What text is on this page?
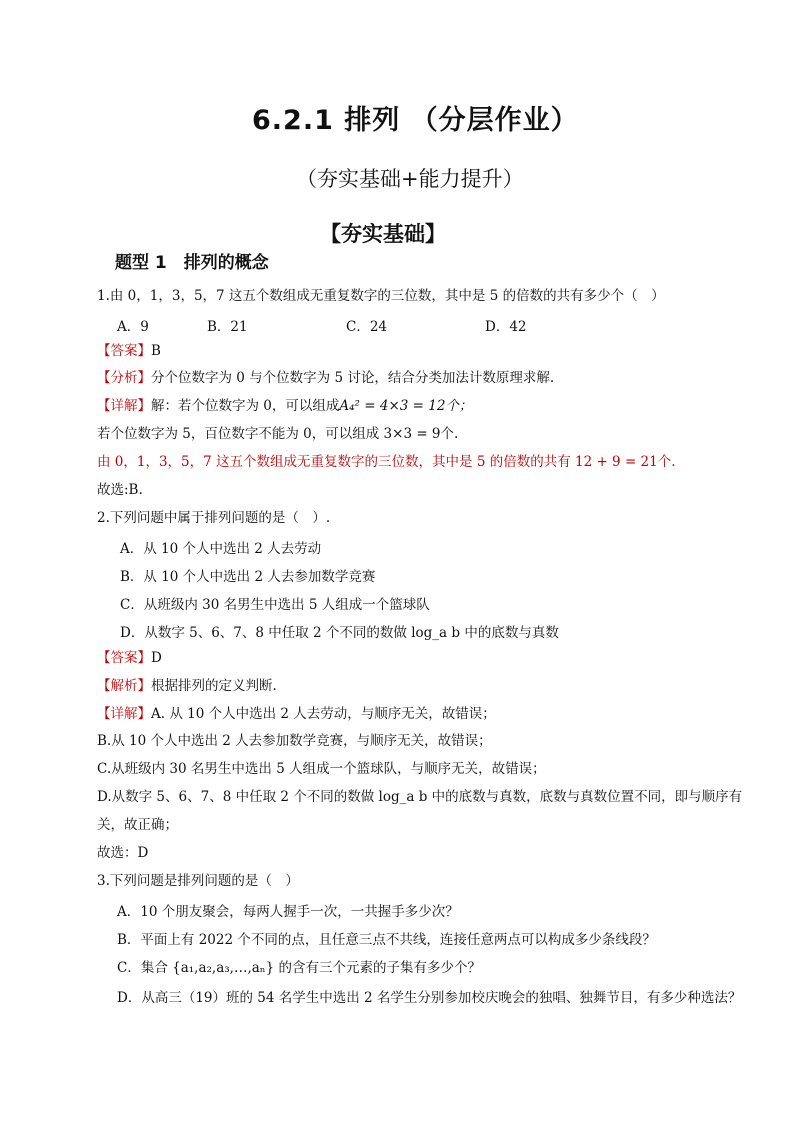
6.2.1 排列 （分层作业）
（夯实基础+能力提升）
【夯实基础】
题型 1　排列的概念
1.由 0，1，3，5，7 这五个数组成无重复数字的三位数，其中是 5 的倍数的共有多少个（　）
A．9	B．21	C．24	D．42
【答案】B
【分析】分个位数字为 0 与个位数字为 5 讨论，结合分类加法计数原理求解.
【详解】解：若个位数字为 0，可以组成A₄² = 4×3 = 12个；
若个位数字为 5，百位数字不能为 0，可以组成 3×3 = 9个.
由 0，1，3，5，7 这五个数组成无重复数字的三位数，其中是 5 的倍数的共有 12 + 9 = 21个.
故选:B.
2.下列问题中属于排列问题的是（　）.
A．从 10 个人中选出 2 人去劳动
B．从 10 个人中选出 2 人去参加数学竞赛
C．从班级内 30 名男生中选出 5 人组成一个篮球队
D．从数字 5、6、7、8 中任取 2 个不同的数做 log_a b 中的底数与真数
【答案】D
【解析】根据排列的定义判断.
【详解】A. 从 10 个人中选出 2 人去劳动，与顺序无关，故错误；
B.从 10 个人中选出 2 人去参加数学竞赛，与顺序无关，故错误；
C.从班级内 30 名男生中选出 5 人组成一个篮球队，与顺序无关，故错误；
D.从数字 5、6、7、8 中任取 2 个不同的数做 log_a b 中的底数与真数，底数与真数位置不同，即与顺序有
关，故正确；
故选：D
3.下列问题是排列问题的是（　）
A．10 个朋友聚会，每两人握手一次，一共握手多少次？
B．平面上有 2022 个不同的点，且任意三点不共线，连接任意两点可以构成多少条线段？
C．集合 {a₁,a₂,a₃,…,aₙ} 的含有三个元素的子集有多少个？
D．从高三（19）班的 54 名学生中选出 2 名学生分别参加校庆晚会的独唱、独舞节目，有多少种选法？
